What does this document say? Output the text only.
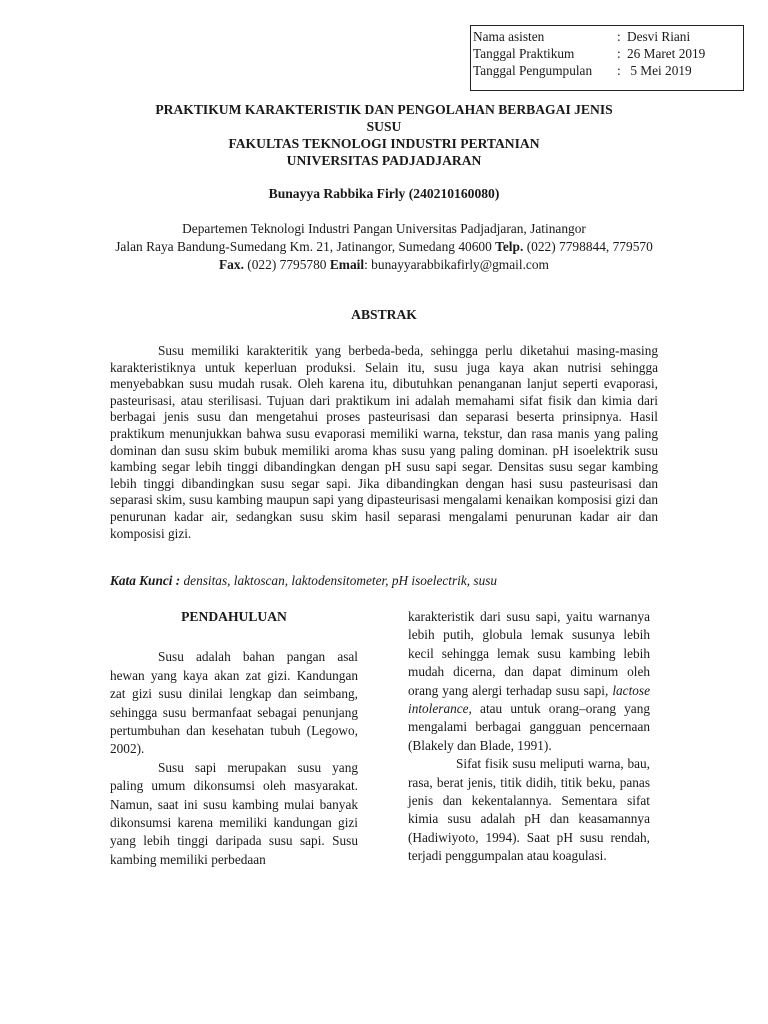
Nama asisten	: Desvi Riani
Tanggal Praktikum	: 26 Maret 2019
Tanggal Pengumpulan	: 5 Mei 2019
PRAKTIKUM KARAKTERISTIK DAN PENGOLAHAN BERBAGAI JENIS
SUSU
FAKULTAS TEKNOLOGI INDUSTRI PERTANIAN
UNIVERSITAS PADJADJARAN
Bunayya Rabbika Firly (240210160080)
Departemen Teknologi Industri Pangan Universitas Padjadjaran, Jatinangor
Jalan Raya Bandung-Sumedang Km. 21, Jatinangor, Sumedang 40600 Telp. (022) 7798844, 779570 Fax. (022) 7795780 Email: bunayyarabbikafirly@gmail.com
ABSTRAK
Susu memiliki karakteritik yang berbeda-beda, sehingga perlu diketahui masing-masing karakteristiknya untuk keperluan produksi. Selain itu, susu juga kaya akan nutrisi sehingga menyebabkan susu mudah rusak. Oleh karena itu, dibutuhkan penanganan lanjut seperti evaporasi, pasteurisasi, atau sterilisasi. Tujuan dari praktikum ini adalah memahami sifat fisik dan kimia dari berbagai jenis susu dan mengetahui proses pasteurisasi dan separasi beserta prinsipnya. Hasil praktikum menunjukkan bahwa susu evaporasi memiliki warna, tekstur, dan rasa manis yang paling dominan dan susu skim bubuk memiliki aroma khas susu yang paling dominan. pH isoelektrik susu kambing segar lebih tinggi dibandingkan dengan pH susu sapi segar. Densitas susu segar kambing lebih tinggi dibandingkan susu segar sapi. Jika dibandingkan dengan hasi susu pasteurisasi dan separasi skim, susu kambing maupun sapi yang dipasteurisasi mengalami kenaikan komposisi gizi dan penurunan kadar air, sedangkan susu skim hasil separasi mengalami penurunan kadar air dan komposisi gizi.
Kata Kunci : densitas, laktoscan, laktodensitometer, pH isoelectrik, susu
PENDAHULUAN

Susu adalah bahan pangan asal hewan yang kaya akan zat gizi. Kandungan zat gizi susu dinilai lengkap dan seimbang, sehingga susu bermanfaat sebagai penunjang pertumbuhan dan kesehatan tubuh (Legowo, 2002).

Susu sapi merupakan susu yang paling umum dikonsumsi oleh masyarakat. Namun, saat ini susu kambing mulai banyak dikonsumsi karena memiliki kandungan gizi yang lebih tinggi daripada susu sapi. Susu kambing memiliki perbedaan

karakteristik dari susu sapi, yaitu warnanya lebih putih, globula lemak susunya lebih kecil sehingga lemak susu kambing lebih mudah dicerna, dan dapat diminum oleh orang yang alergi terhadap susu sapi, lactose intolerance, atau untuk orang–orang yang mengalami berbagai gangguan pencernaan (Blakely dan Blade, 1991).

Sifat fisik susu meliputi warna, bau, rasa, berat jenis, titik didih, titik beku, panas jenis dan kekentalannya. Sementara sifat kimia susu adalah pH dan keasamannya (Hadiwiyoto, 1994). Saat pH susu rendah, terjadi penggumpalan atau koagulasi.
